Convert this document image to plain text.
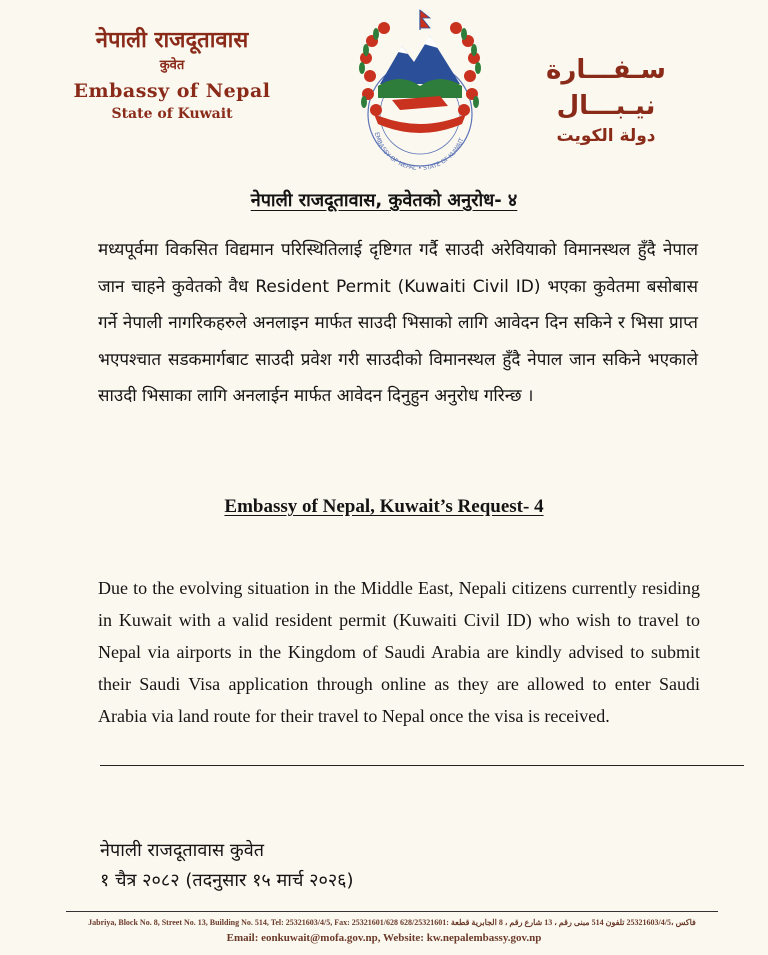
नेपाली राजदूतावास
कुवेत
Embassy of Nepal
State of Kuwait
EMBASSY OF NEPAL • STATE OF KUWAIT
سـفـــارة نيـبـــال
دولة الكويت
नेपाली राजदूतावास, कुवेतको अनुरोध- ४
मध्यपूर्वमा विकसित विद्यमान परिस्थितिलाई दृष्टिगत गर्दै साउदी अरेवियाको विमानस्थल हुँदै नेपाल जान चाहने कुवेतको वैध Resident Permit (Kuwaiti Civil ID) भएका कुवेतमा बसोबास गर्ने नेपाली नागरिकहरुले अनलाइन मार्फत साउदी भिसाको लागि आवेदन दिन सकिने र भिसा प्राप्त भएपश्चात सडकमार्गबाट साउदी प्रवेश गरी साउदीको विमानस्थल हुँदै नेपाल जान सकिने भएकाले साउदी भिसाका लागि अनलाईन मार्फत आवेदन दिनुहुन अनुरोध गरिन्छ ।
Embassy of Nepal, Kuwait’s Request- 4
Due to the evolving situation in the Middle East, Nepali citizens currently residing in Kuwait with a valid resident permit (Kuwaiti Civil ID) who wish to travel to Nepal via airports in the Kingdom of Saudi Arabia are kindly advised to submit their Saudi Visa application through online as they are allowed to enter Saudi Arabia via land route for their travel to Nepal once the visa is received.
नेपाली राजदूतावास कुवेत
१ चैत्र २०८२ (तदनुसार १५ मार्च २०२६)
Jabriya, Block No. 8, Street No. 13, Building No. 514, Tel: 25321603/4/5, Fax: 25321601/628 628/25321601: فاكس ،25321603/4/5 تلفون 514 مبنى رقم ، 13 شارع رقم ، 8 الجابرية قطعة
Email: eonkuwait@mofa.gov.np, Website: kw.nepalembassy.gov.np
